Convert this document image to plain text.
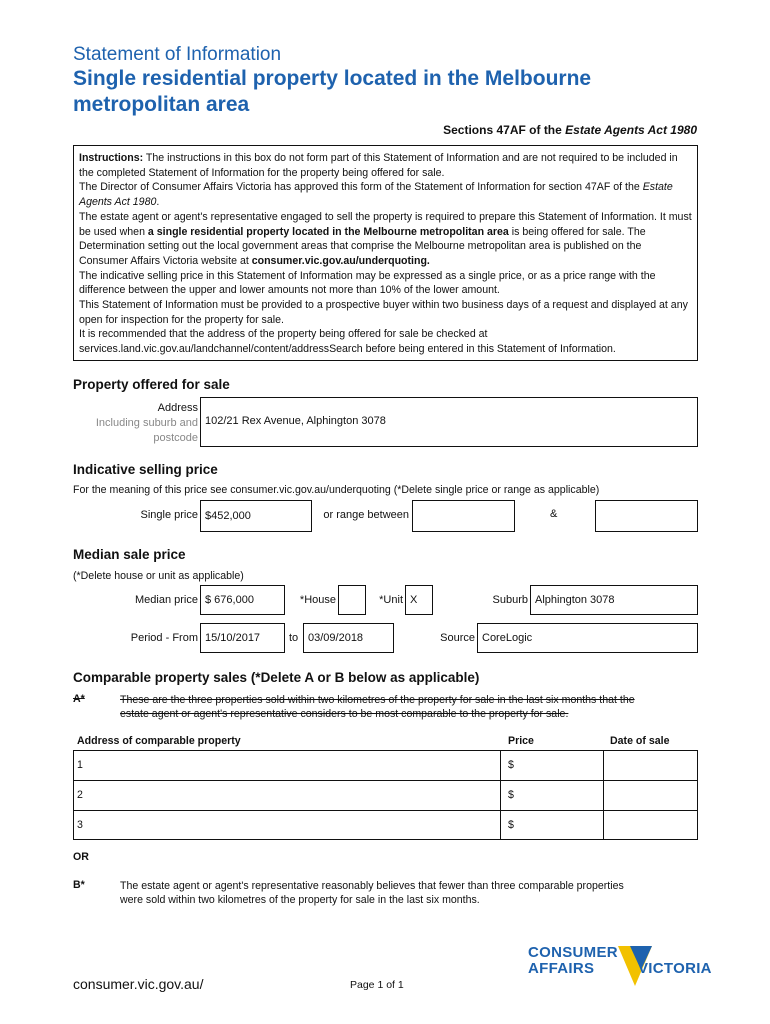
Statement of Information
Single residential property located in the Melbourne
metropolitan area
Sections 47AF of the Estate Agents Act 1980

Instructions: The instructions in this box do not form part of this Statement of Information and are not required to be included in the completed Statement of Information for the property being offered for sale.

The Director of Consumer Affairs Victoria has approved this form of the Statement of Information for section 47AF of the Estate Agents Act 1980.

The estate agent or agent's representative engaged to sell the property is required to prepare this Statement of Information. It must be used when a single residential property located in the Melbourne metropolitan area is being offered for sale. The Determination setting out the local government areas that comprise the Melbourne metropolitan area is published on the Consumer Affairs Victoria website at consumer.vic.gov.au/underquoting.

The indicative selling price in this Statement of Information may be expressed as a single price, or as a price range with the difference between the upper and lower amounts not more than 10% of the lower amount.

This Statement of Information must be provided to a prospective buyer within two business days of a request and displayed at any open for inspection for the property for sale.

It is recommended that the address of the property being offered for sale be checked at services.land.vic.gov.au/landchannel/content/addressSearch before being entered in this Statement of Information.

Property offered for sale
Address
Including suburb and
postcode
102/21 Rex Avenue, Alphington 3078
Indicative selling price
For the meaning of this price see consumer.vic.gov.au/underquoting (*Delete single price or range as applicable)
Single price $452,000	or range between	&
Median sale price
(*Delete house or unit as applicable)
Median price $ 676,000	*House	*Unit X	Suburb Alphington 3078
Period - From 15/10/2017	to 03/09/2018	Source CoreLogic
Comparable property sales (*Delete A or B below as applicable)
A*	These are the three properties sold within two kilometres of the property for sale in the last six months that the
estate agent or agent's representative considers to be most comparable to the property for sale.
Address of comparable property	Price	Date of sale
1	$
2	$
3	$
OR
B*	The estate agent or agent's representative reasonably believes that fewer than three comparable properties
were sold within two kilometres of the property for sale in the last six months.
CONSUMER
AFFAIRS	VICTORIA
consumer.vic.gov.au/	Page 1 of 1
